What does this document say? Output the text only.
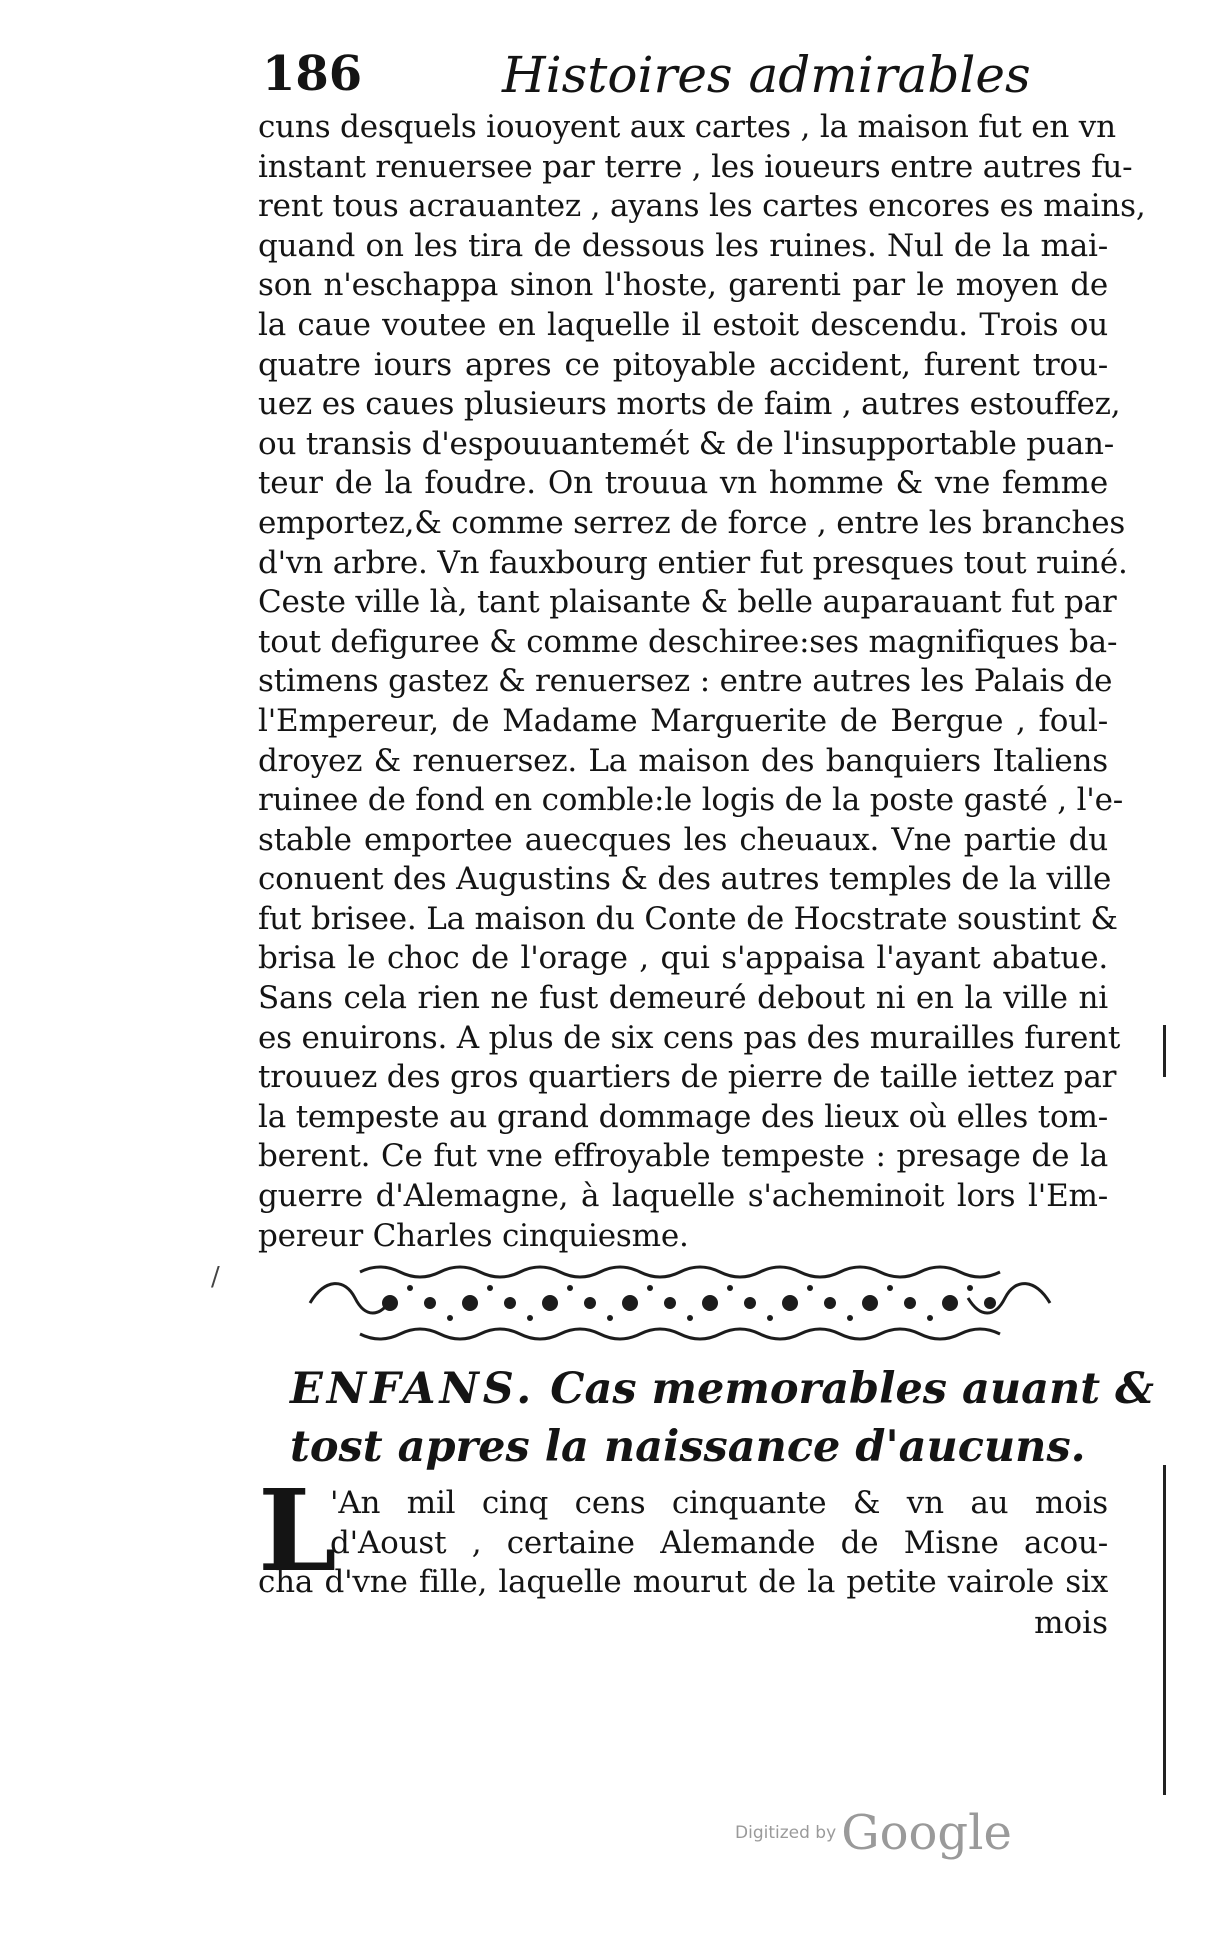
186	Histoires admirables
cuns desquels iouoyent aux cartes , la maison fut en vn
instant renuersee par terre , les ioueurs entre autres fu-
rent tous acrauantez , ayans les cartes encores es mains,
quand on les tira de dessous les ruines. Nul de la mai-
son n'eschappa sinon l'hoste, garenti par le moyen de
la caue voutee en laquelle il estoit descendu. Trois ou
quatre iours apres ce pitoyable accident, furent trou-
uez es caues plusieurs morts de faim , autres estouffez,
ou transis d'espouuantemét & de l'insupportable puan-
teur de la foudre. On trouua vn homme & vne femme
emportez,& comme serrez de force , entre les branches
d'vn arbre. Vn fauxbourg entier fut presques tout ruiné.
Ceste ville là, tant plaisante & belle auparauant fut par
tout defiguree & comme deschiree:ses magnifiques ba-
stimens gastez & renuersez : entre autres les Palais de
l'Empereur, de Madame Marguerite de Bergue , foul-
droyez & renuersez. La maison des banquiers Italiens
ruinee de fond en comble:le logis de la poste gasté , l'e-
stable emportee auecques les cheuaux. Vne partie du
conuent des Augustins & des autres temples de la ville
fut brisee. La maison du Conte de Hocstrate soustint &
brisa le choc de l'orage , qui s'appaisa l'ayant abatue.
Sans cela rien ne fust demeuré debout ni en la ville ni
es enuirons. A plus de six cens pas des murailles furent
trouuez des gros quartiers de pierre de taille iettez par
la tempeste au grand dommage des lieux où elles tom-
berent. Ce fut vne effroyable tempeste : presage de la
guerre d'Alemagne, à laquelle s'acheminoit lors l'Em-
pereur Charles cinquiesme.
/
ENFANS. Cas memorables auant &
tost apres la naissance d'aucuns.
L
'An mil cinq cens cinquante & vn au mois
d'Aoust , certaine Alemande de Misne acou-
cha d'vne fille, laquelle mourut de la petite vairole six
mois
Digitized by Google
